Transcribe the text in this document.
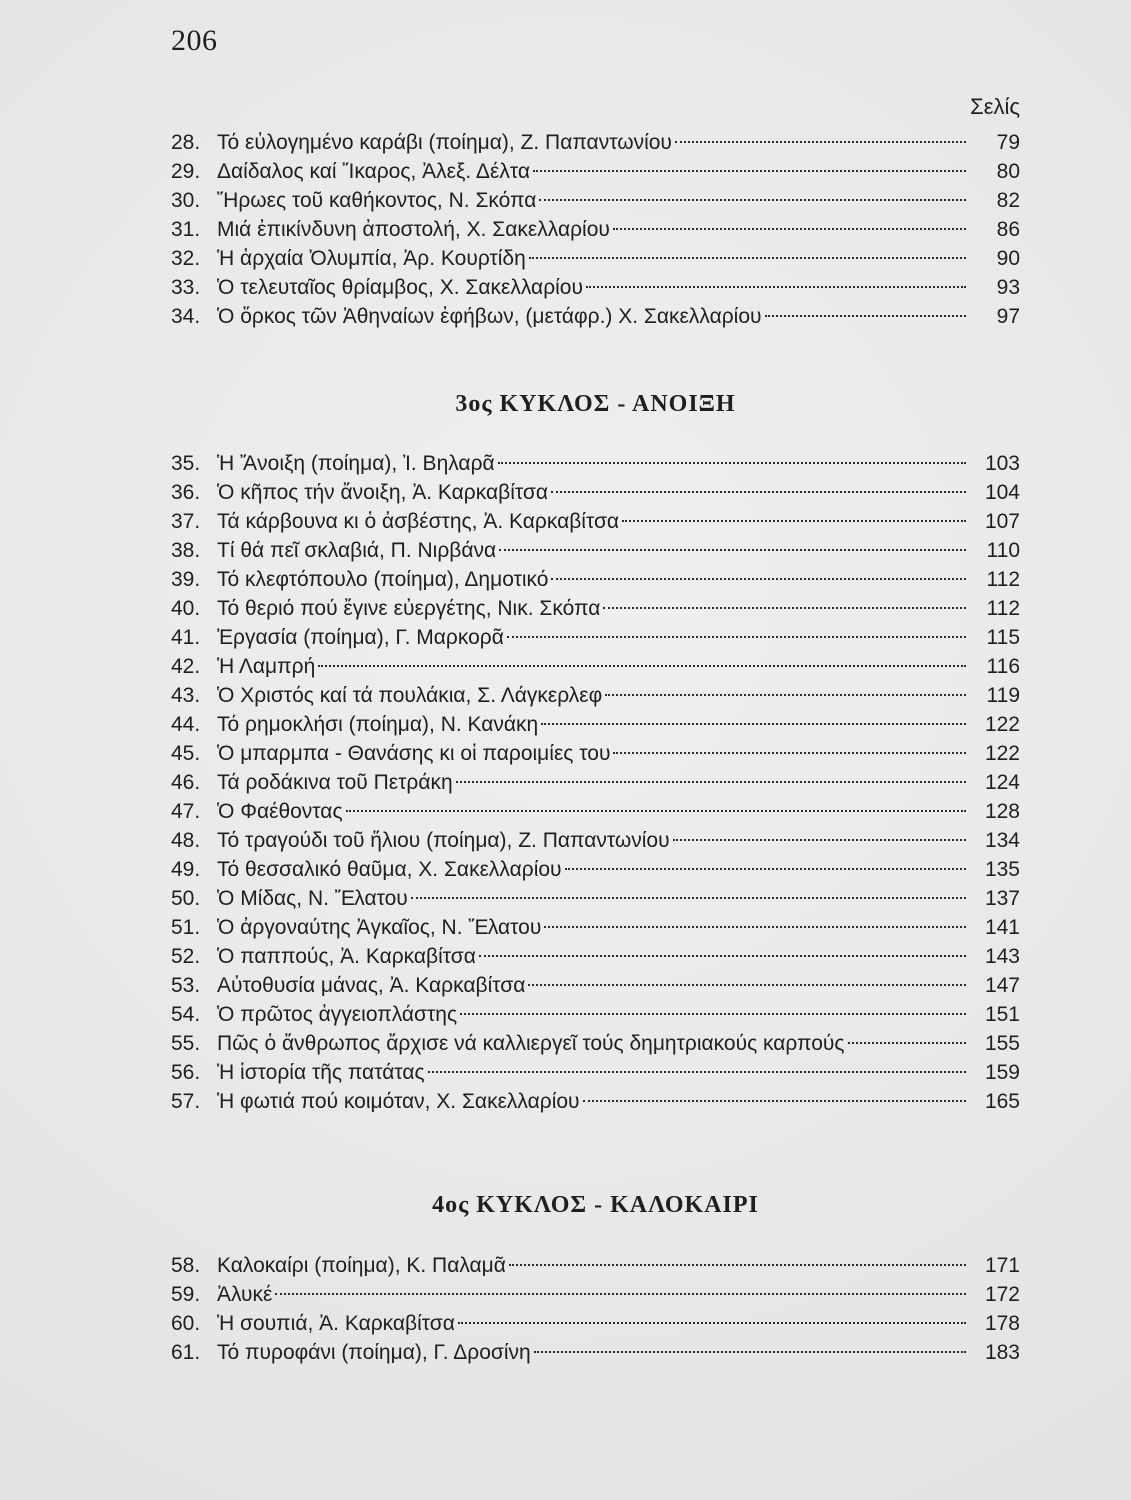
206
Σελίς
28. Τό εὐλογημένο καράβι (ποίημα), Ζ. Παπαντωνίου	79
29. Δαίδαλος καί Ἴκαρος, Ἀλεξ. Δέλτα	80
30. Ἥρωες τοῦ καθήκοντος, Ν. Σκόπα	82
31. Μιά ἐπικίνδυνη ἀποστολή, Χ. Σακελλαρίου	86
32. Ἡ ἀρχαία Ὀλυμπία, Ἀρ. Κουρτίδη	90
33. Ὁ τελευταῖος θρίαμβος, Χ. Σακελλαρίου	93
34. Ὁ ὅρκος τῶν Ἀθηναίων ἐφήβων, (μετάφρ.) Χ. Σακελλαρίου	97
3ος ΚΥΚΛΟΣ - ΑΝΟΙΞΗ
35. Ἡ Ἄνοιξη (ποίημα), Ἰ. Βηλαρᾶ	103
36. Ὁ κῆπος τήν ἄνοιξη, Ἀ. Καρκαβίτσα	104
37. Τά κάρβουνα κι ὁ ἀσβέστης, Ἀ. Καρκαβίτσα	107
38. Τί θά πεῖ σκλαβιά, Π. Νιρβάνα	110
39. Τό κλεφτόπουλο (ποίημα), Δημοτικό	112
40. Τό θεριό πού ἔγινε εὐεργέτης, Νικ. Σκόπα	112
41. Ἐργασία (ποίημα), Γ. Μαρκορᾶ	115
42. Ἡ Λαμπρή	116
43. Ὁ Χριστός καί τά πουλάκια, Σ. Λάγκερλεφ	119
44. Τό ρημοκλήσι (ποίημα), Ν. Κανάκη	122
45. Ὁ μπαρμπα - Θανάσης κι οἱ παροιμίες του	122
46. Τά ροδάκινα τοῦ Πετράκη	124
47. Ὁ Φαέθοντας	128
48. Τό τραγούδι τοῦ ἥλιου (ποίημα), Ζ. Παπαντωνίου	134
49. Τό θεσσαλικό θαῦμα, Χ. Σακελλαρίου	135
50. Ὁ Μίδας, Ν. Ἔλατου	137
51. Ὁ ἀργοναύτης Ἀγκαῖος, Ν. Ἔλατου	141
52. Ὁ παππούς, Ἀ. Καρκαβίτσα	143
53. Αὐτοθυσία μάνας, Ἀ. Καρκαβίτσα	147
54. Ὁ πρῶτος ἀγγειοπλάστης	151
55. Πῶς ὁ ἄνθρωπος ἄρχισε νά καλλιεργεῖ τούς δημητριακούς καρπούς	155
56. Ἡ ἱστορία τῆς πατάτας	159
57. Ἡ φωτιά πού κοιμόταν, Χ. Σακελλαρίου	165
4ος ΚΥΚΛΟΣ - ΚΑΛΟΚΑΙΡΙ
58. Καλοκαίρι (ποίημα), Κ. Παλαμᾶ	171
59. Ἀλυκέ	172
60. Ἡ σουπιά, Ἀ. Καρκαβίτσα	178
61. Τό πυροφάνι (ποίημα), Γ. Δροσίνη	183
